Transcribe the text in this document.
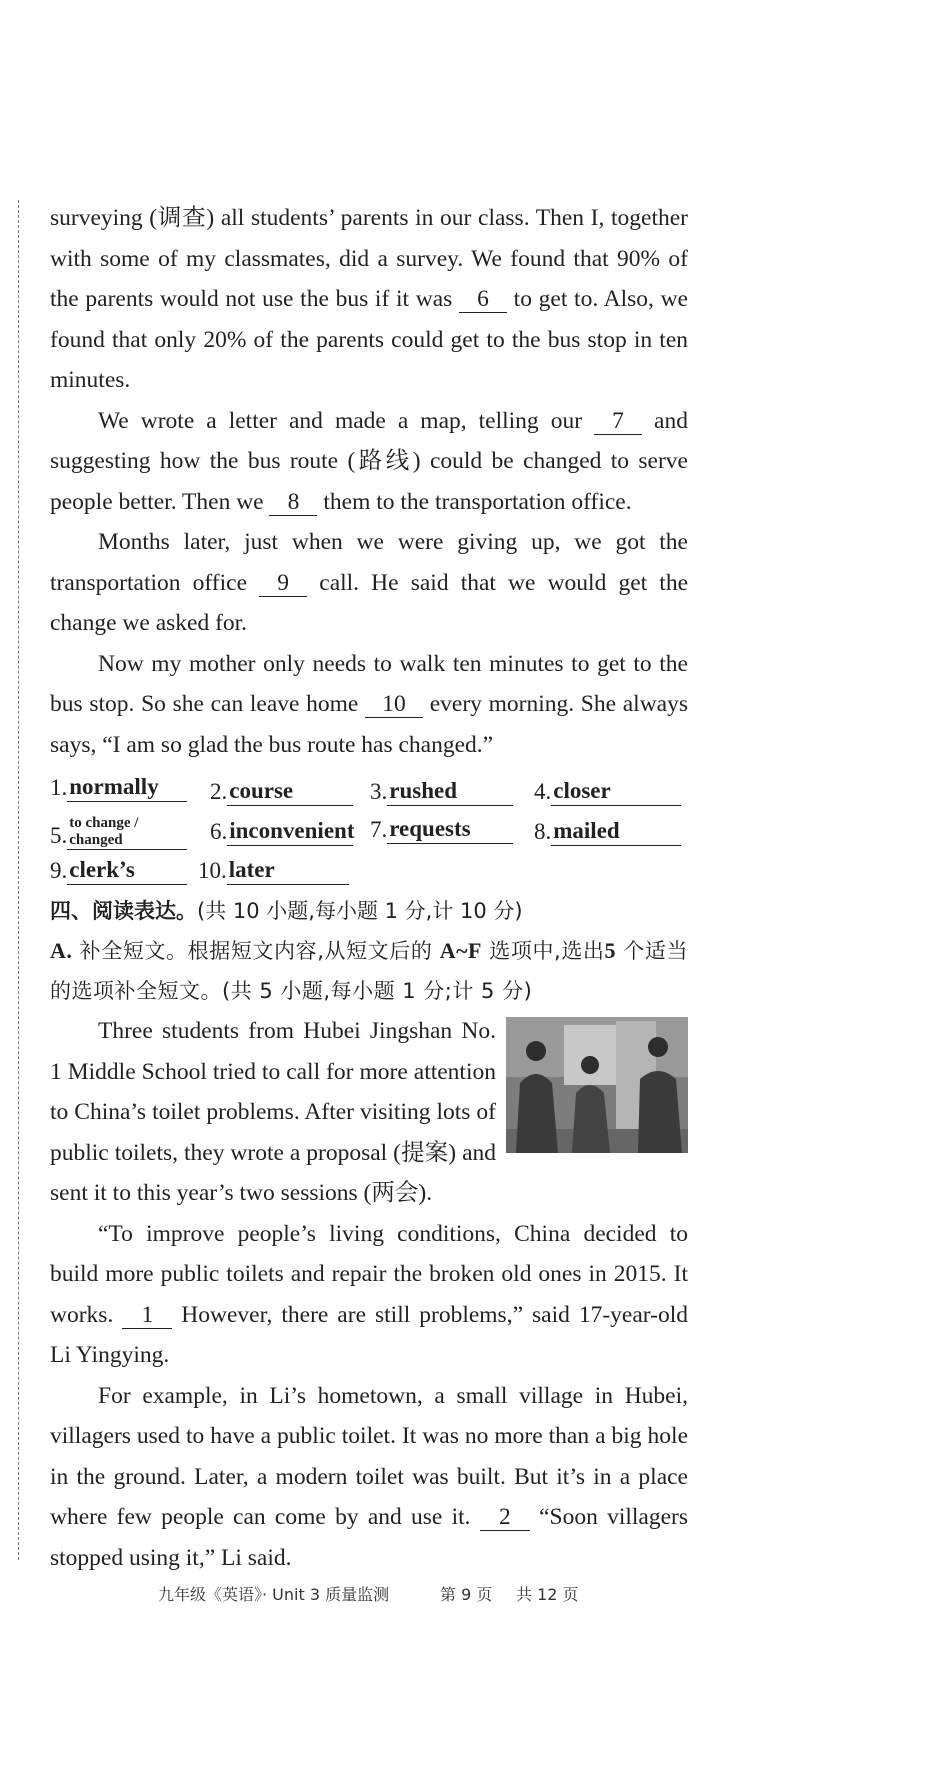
surveying (调查) all students’ parents in our class. Then I, together with some of my classmates, did a survey. We found that 90% of the parents would not use the bus if it was 6 to get to. Also, we found that only 20% of the parents could get to the bus stop in ten minutes.

We wrote a letter and made a map, telling our 7 and suggesting how the bus route (路线) could be changed to serve people better. Then we 8 them to the transportation office.

Months later, just when we were giving up, we got the transportation office 9 call. He said that we would get the change we asked for.

Now my mother only needs to walk ten minutes to get to the bus stop. So she can leave home 10 every morning. She always says, “I am so glad the bus route has changed.”

1.normally	2.course	3.rushed	4.closer
5. to change / changed	6.inconvenient 7.requests	8.mailed
9.clerk’s	10.later

四、阅读表达。(共 10 小题,每小题 1 分,计 10 分)

A. 补全短文。根据短文内容,从短文后的 A~F 选项中,选出5 个适当的选项补全短文。(共 5 小题,每小题 1 分;计 5 分)

Three students from Hubei Jingshan No. 1 Middle School tried to call for more attention to China’s toilet problems. After visiting lots of public toilets, they wrote a proposal (提案) and sent it to this year’s two sessions (两会).

“To improve people’s living conditions, China decided to build more public toilets and repair the broken old ones in 2015. It works. 1 However, there are still problems,” said 17-year-old Li Yingying.

For example, in Li’s hometown, a small village in Hubei, villagers used to have a public toilet. It was no more than a big hole in the ground. Later, a modern toilet was built. But it’s in a place where few people can come by and use it. 2 “Soon villagers stopped using it,” Li said.

九年级《英语》· Unit 3 质量监测	第 9 页 共 12 页
